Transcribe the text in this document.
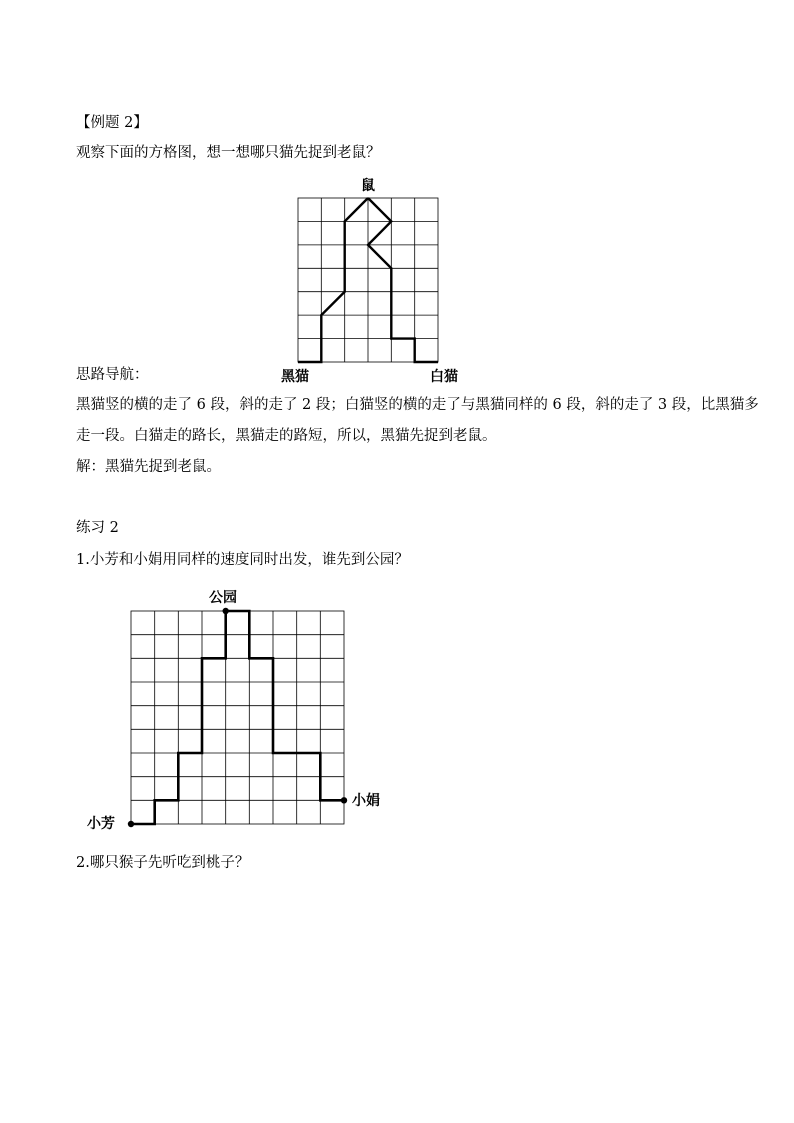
【例题 2】
观察下面的方格图，想一想哪只猫先捉到老鼠？
鼠
思路导航：	黑猫	白猫
黑猫竖的横的走了 6 段，斜的走了 2 段；白猫竖的横的走了与黑猫同样的 6 段，斜的走了 3 段，比黑猫多
走一段。白猫走的路长，黑猫走的路短，所以，黑猫先捉到老鼠。
解：黑猫先捉到老鼠。
练习 2
1.小芳和小娟用同样的速度同时出发，谁先到公园？
公园
小娟
小芳
2.哪只猴子先听吃到桃子？
